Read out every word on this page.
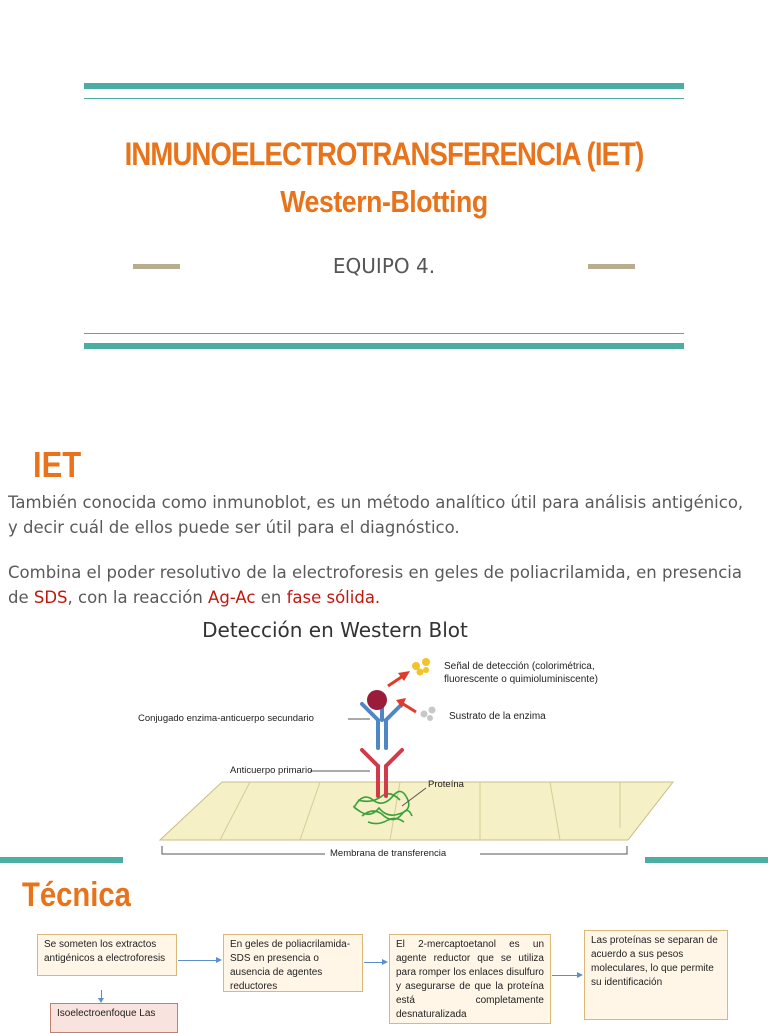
INMUNOELECTROTRANSFERENCIA (IET)
Western-Blotting
EQUIPO 4.
IET
También conocida como inmunoblot, es un método analítico útil para análisis antigénico, y decir cuál de ellos puede ser útil para el diagnóstico.
Combina el poder resolutivo de la electroforesis en geles de poliacrilamida, en presencia de SDS, con la reacción Ag-Ac en fase sólida.
Detección en Western Blot
Señal de detección (colorimétrica,
fluorescente o quimioluminiscente)
Sustrato de la enzima
Conjugado enzima-anticuerpo secundario
Anticuerpo primario
Proteína
Membrana de transferencia
Técnica
Se someten los extractos antigénicos a electroforesis
En geles de poliacrilamida-SDS en presencia o ausencia de agentes reductores
El 2-mercaptoetanol es un agente reductor que se utiliza para romper los enlaces disulfuro y asegurarse de que la proteína está completamente desnaturalizada
Las proteínas se separan de acuerdo a sus pesos moleculares, lo que permite su identificación
Isoelectroenfoque Las
